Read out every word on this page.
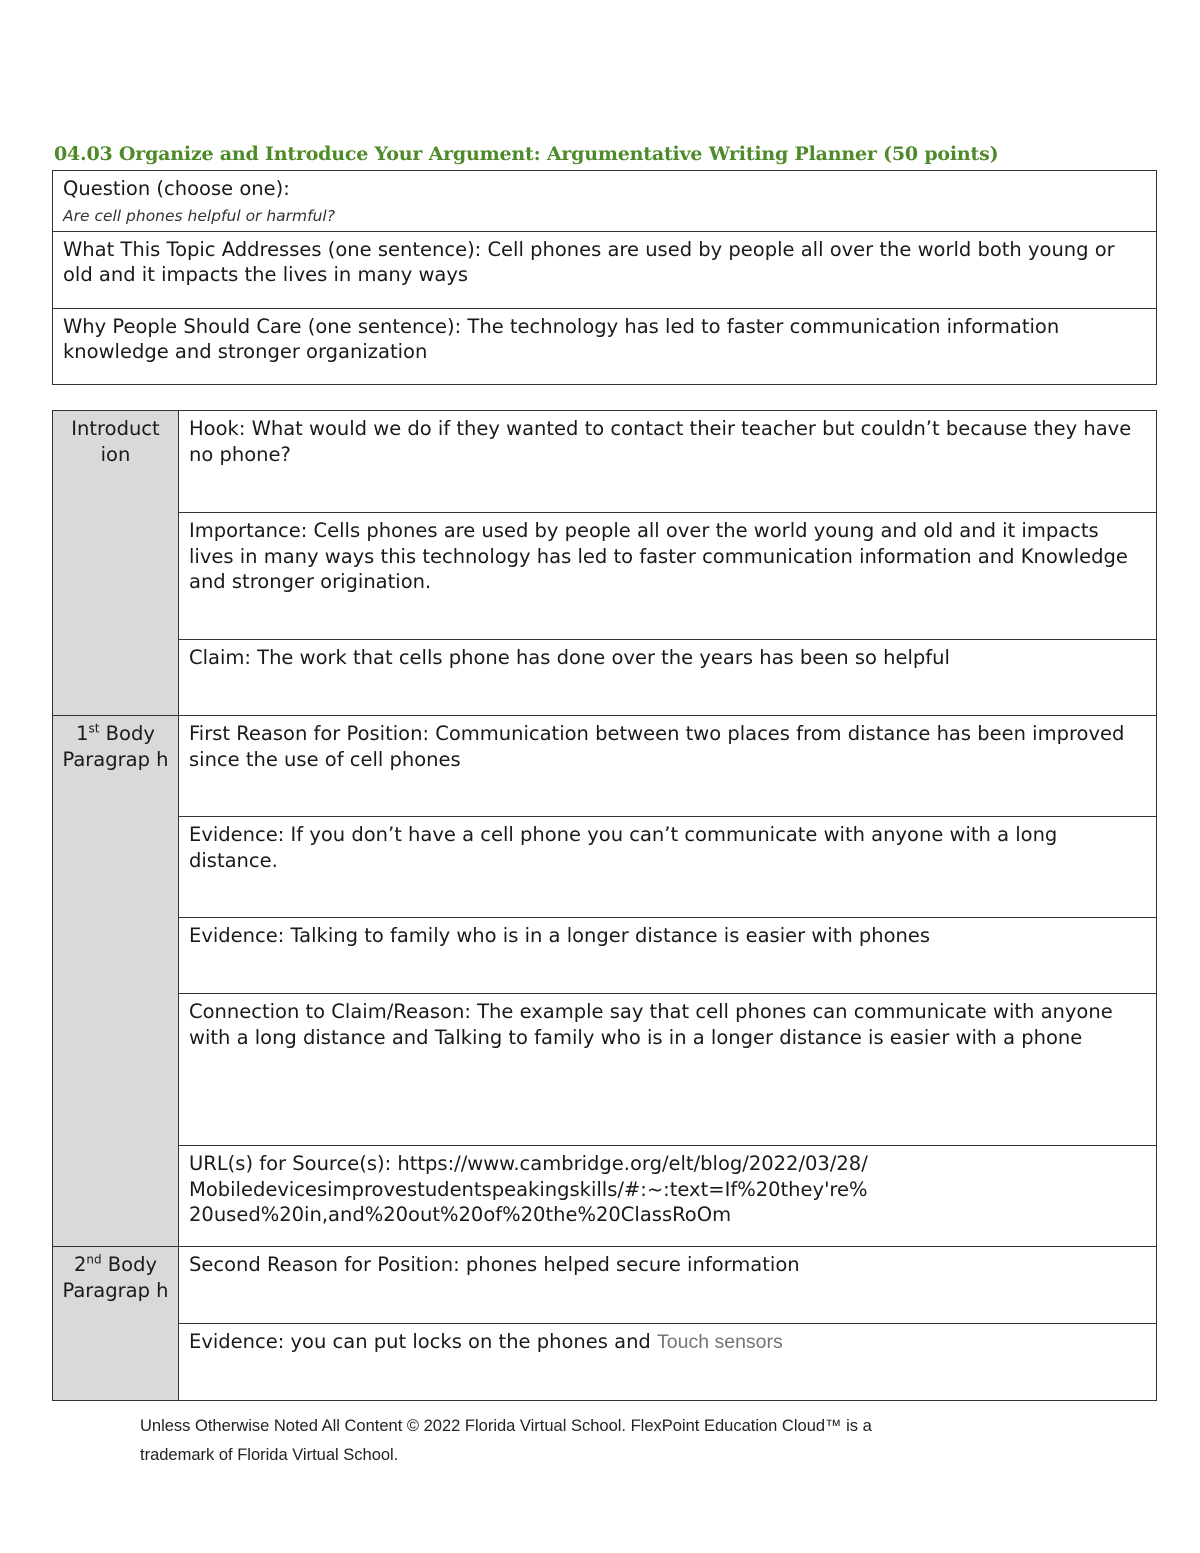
04.03 Organize and Introduce Your Argument: Argumentative Writing Planner (50 points)
Question (choose one):
Are cell phones helpful or harmful?

What This Topic Addresses (one sentence): Cell phones are used by people all over the world both young or old and it impacts the lives in many ways
Why People Should Care (one sentence): The technology has led to faster communication information knowledge and stronger organization
Introduct ion	Hook: What would we do if they wanted to contact their teacher but couldn’t because they have no phone?
	Importance: Cells phones are used by people all over the world young and old and it impacts lives in many ways this technology has led to faster communication information and Knowledge and stronger origination.
	Claim: The work that cells phone has done over the years has been so helpful
1st Body Paragrap h	First Reason for Position: Communication between two places from distance has been improved since the use of cell phones
	Evidence: If you don’t have a cell phone you can’t communicate with anyone with a long distance.
	Evidence: Talking to family who is in a longer distance is easier with phones
	Connection to Claim/Reason: The example say that cell phones can communicate with anyone with a long distance and Talking to family who is in a longer distance is easier with a phone

	URL(s) for Source(s): https://www.cambridge.org/elt/blog/2022/03/28/
Mobiledevicesimprovestudentspeakingskills/#:~:text=If%20they're%
20used%20in,and%20out%20of%20the%20ClassRoOm

2nd Body Paragrap h	Second Reason for Position: phones helped secure information
	Evidence: you can put locks on the phones and Touch sensors
Unless Otherwise Noted All Content © 2022 Florida Virtual School. FlexPoint Education Cloud™ is a
trademark of Florida Virtual School.
